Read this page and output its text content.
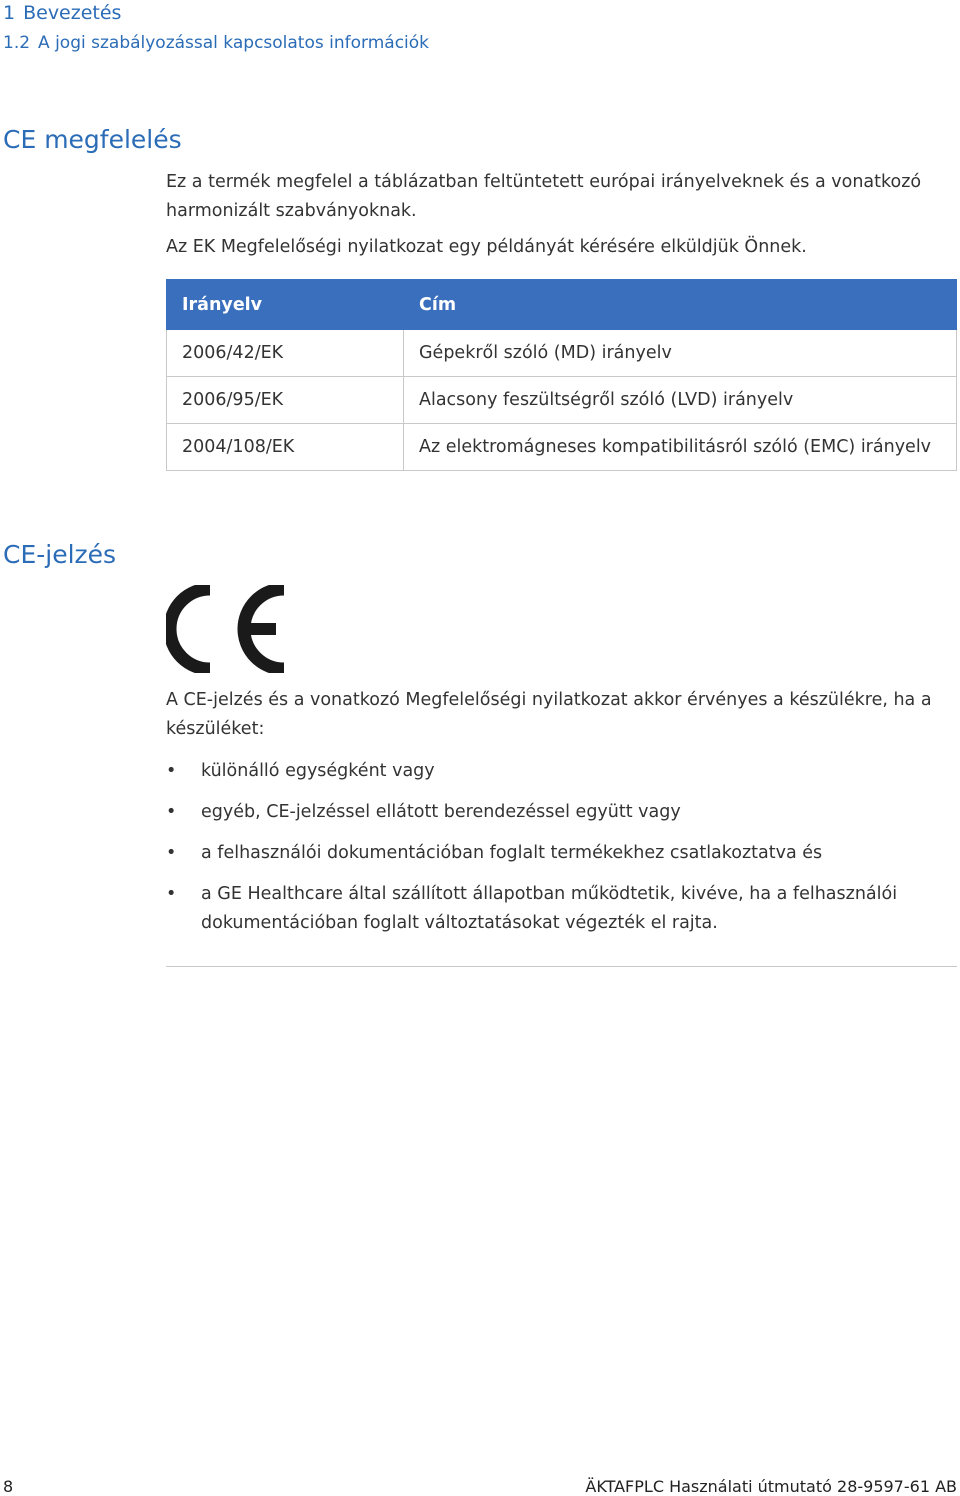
1 Bevezetés
1.2 A jogi szabályozással kapcsolatos információk
CE megfelelés

Ez a termék megfelel a táblázatban feltüntetett európai irányelveknek és a vonatkozó harmonizált szabványoknak.

Az EK Megfelelőségi nyilatkozat egy példányát kérésére elküldjük Önnek.

Irányelv	Cím
2006/42/EK	Gépekről szóló (MD) irányelv
2006/95/EK	Alacsony feszültségről szóló (LVD) irányelv
2004/108/EK	Az elektromágneses kompatibilitásról szóló (EMC) irányelv
CE-jelzés

A CE-jelzés és a vonatkozó Megfelelőségi nyilatkozat akkor érvényes a készülékre, ha a készüléket:

• különálló egységként vagy
• egyéb, CE-jelzéssel ellátott berendezéssel együtt vagy
• a felhasználói dokumentációban foglalt termékekhez csatlakoztatva és
• a GE Healthcare által szállított állapotban működtetik, kivéve, ha a felhasználói dokumentációban foglalt változtatásokat végezték el rajta.
8	ÄKTAFPLC Használati útmutató 28-9597-61 AB
